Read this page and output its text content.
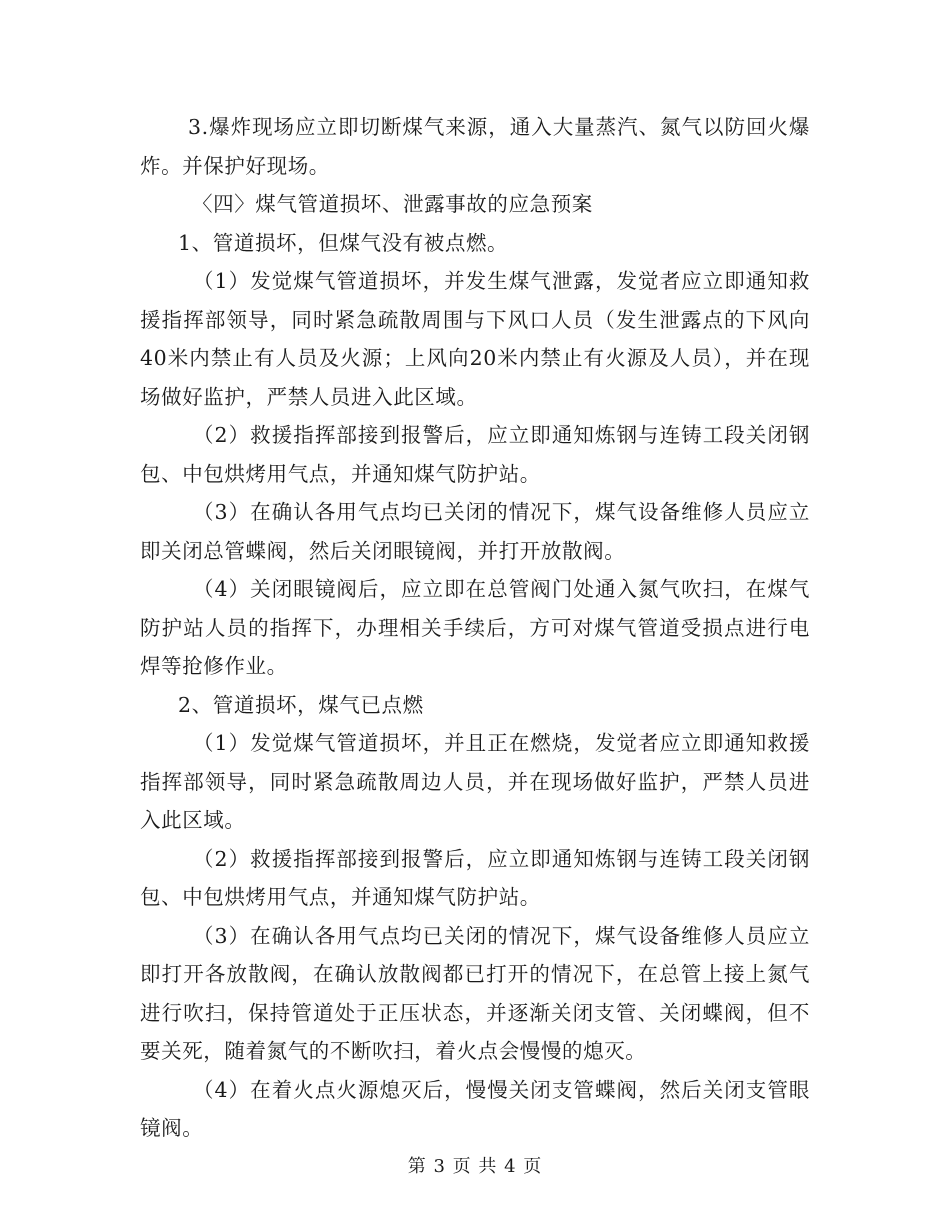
3.爆炸现场应立即切断煤气来源，通入大量蒸汽、氮气以防回火爆炸。并保护好现场。

〈四〉煤气管道损坏、泄露事故的应急预案

1、管道损坏，但煤气没有被点燃。

（1）发觉煤气管道损坏，并发生煤气泄露，发觉者应立即通知救援指挥部领导，同时紧急疏散周围与下风口人员（发生泄露点的下风向40米内禁止有人员及火源；上风向20米内禁止有火源及人员），并在现场做好监护，严禁人员进入此区域。

（2）救援指挥部接到报警后，应立即通知炼钢与连铸工段关闭钢包、中包烘烤用气点，并通知煤气防护站。

（3）在确认各用气点均已关闭的情况下，煤气设备维修人员应立即关闭总管蝶阀，然后关闭眼镜阀，并打开放散阀。

（4）关闭眼镜阀后，应立即在总管阀门处通入氮气吹扫，在煤气防护站人员的指挥下，办理相关手续后，方可对煤气管道受损点进行电焊等抢修作业。

2、管道损坏，煤气已点燃

（1）发觉煤气管道损坏，并且正在燃烧，发觉者应立即通知救援指挥部领导，同时紧急疏散周边人员，并在现场做好监护，严禁人员进入此区域。

（2）救援指挥部接到报警后，应立即通知炼钢与连铸工段关闭钢包、中包烘烤用气点，并通知煤气防护站。

（3）在确认各用气点均已关闭的情况下，煤气设备维修人员应立即打开各放散阀，在确认放散阀都已打开的情况下，在总管上接上氮气进行吹扫，保持管道处于正压状态，并逐渐关闭支管、关闭蝶阀，但不要关死，随着氮气的不断吹扫，着火点会慢慢的熄灭。

（4）在着火点火源熄灭后，慢慢关闭支管蝶阀，然后关闭支管眼镜阀。

第 3 页 共 4 页
